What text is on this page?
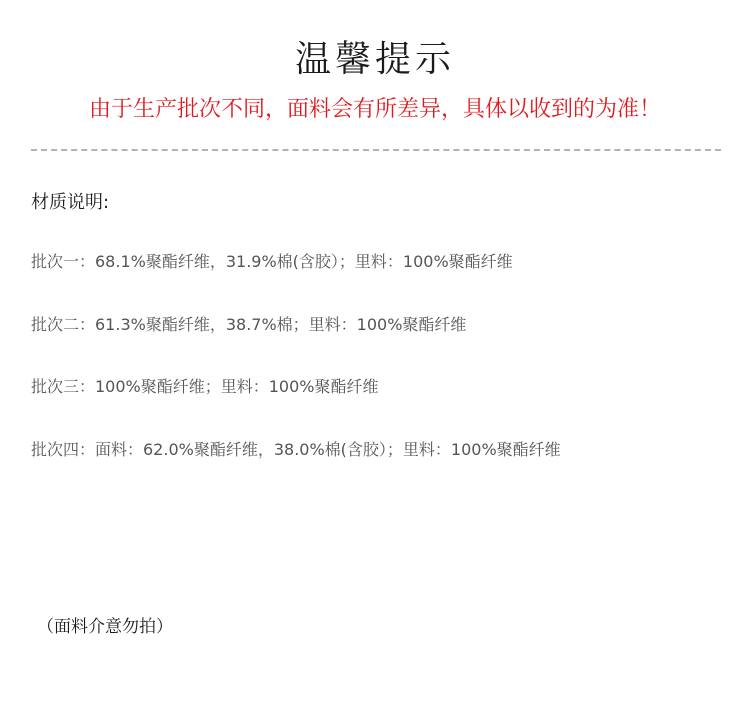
温馨提示
由于生产批次不同，面料会有所差异，具体以收到的为准！
材质说明:
批次一：68.1%聚酯纤维，31.9%棉(含胶）；里料：100%聚酯纤维
批次二：61.3%聚酯纤维，38.7%棉；里料：100%聚酯纤维
批次三：100%聚酯纤维；里料：100%聚酯纤维
批次四：面料：62.0%聚酯纤维，38.0%棉(含胶）；里料：100%聚酯纤维
（面料介意勿拍）
